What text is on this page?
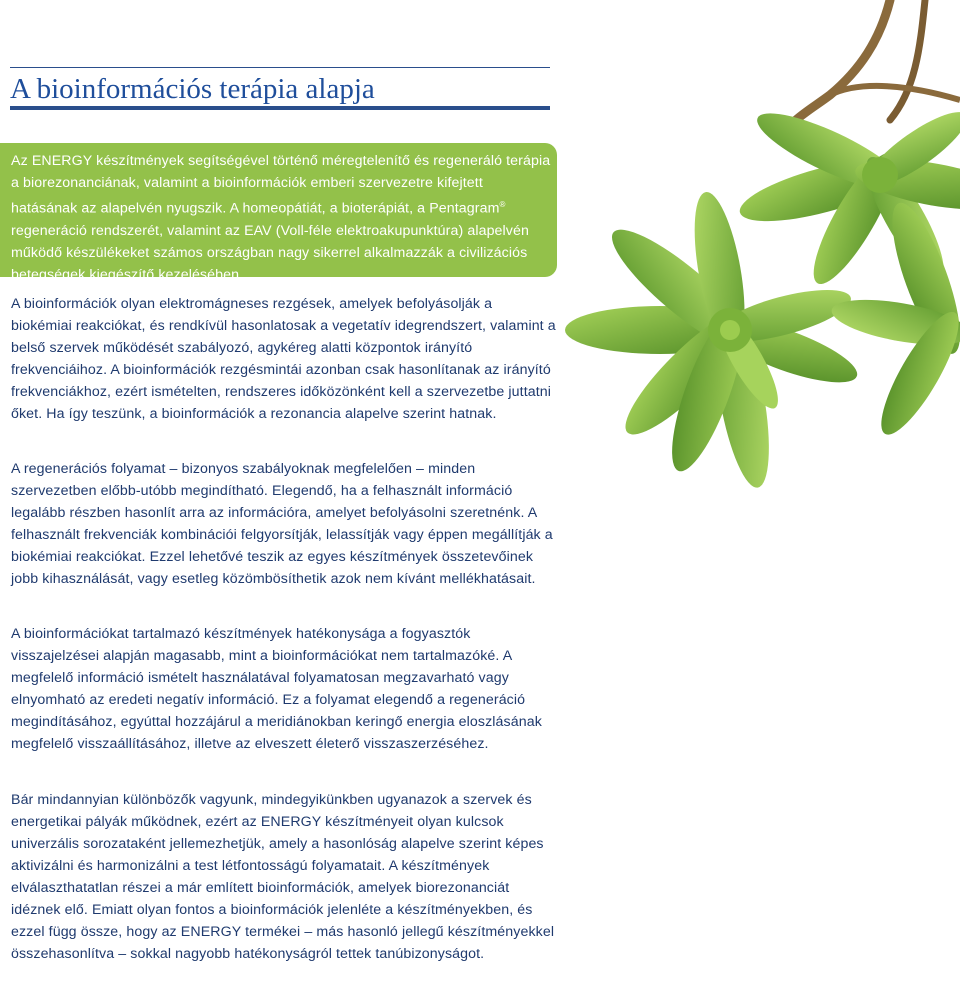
A bioinformációs terápia alapja

Az ENERGY készítmények segítségével történő méregtelenítő és regeneráló terápia a biorezonanciának, valamint a bioinformációk emberi szervezetre kifejtett hatásának az alapelvén nyugszik. A homeopátiát, a bioterápiát, a Pentagram® regeneráció rendszerét, valamint az EAV (Voll-féle elektroakupunktúra) alapelvén működő készülékeket számos országban nagy sikerrel alkalmazzák a civilizációs betegségek kiegészítő kezelésében.

A bioinformációk olyan elektromágneses rezgések, amelyek befolyásolják a biokémiai reakciókat, és rendkívül hasonlatosak a vegetatív idegrendszert, valamint a belső szervek működését szabályozó, agykéreg alatti központok irányító frekvenciáihoz. A bioinformációk rezgésmintái azonban csak hasonlítanak az irányító frekvenciákhoz, ezért ismételten, rendszeres időközönként kell a szervezetbe juttatni őket. Ha így teszünk, a bioinformációk a rezonancia alapelve szerint hatnak.

A regenerációs folyamat – bizonyos szabályoknak megfelelően – minden szervezetben előbb-utóbb megindítható. Elegendő, ha a felhasznált információ legalább részben hasonlít arra az információra, amelyet befolyásolni szeretnénk. A felhasznált frekvenciák kombinációi felgyorsítják, lelassítják vagy éppen megállítják a biokémiai reakciókat. Ezzel lehetővé teszik az egyes készítmények összetevőinek jobb kihasználását, vagy esetleg közömbösíthetik azok nem kívánt mellékhatásait.

A bioinformációkat tartalmazó készítmények hatékonysága a fogyasztók visszajelzései alapján magasabb, mint a bioinformációkat nem tartalmazóké. A megfelelő információ ismételt használatával folyamatosan megzavarható vagy elnyomható az eredeti negatív információ. Ez a folyamat elegendő a regeneráció megindításához, egyúttal hozzájárul a meridiánokban keringő energia eloszlásának megfelelő visszaállításához, illetve az elveszett életerő visszaszerzéséhez.

Bár mindannyian különbözők vagyunk, mindegyikünkben ugyanazok a szervek és energetikai pályák működnek, ezért az ENERGY készítményeit olyan kulcsok univerzális sorozataként jellemezhetjük, amely a hasonlóság alapelve szerint képes aktivizálni és harmonizálni a test létfontosságú folyamatait. A készítmények elválaszthatatlan részei a már említett bioinformációk, amelyek biorezonanciát idéznek elő. Emiatt olyan fontos a bioinformációk jelenléte a készítményekben, és ezzel függ össze, hogy az ENERGY termékei – más hasonló jellegű készítményekkel összehasonlítva – sokkal nagyobb hatékonyságról tettek tanúbizonyságot.
